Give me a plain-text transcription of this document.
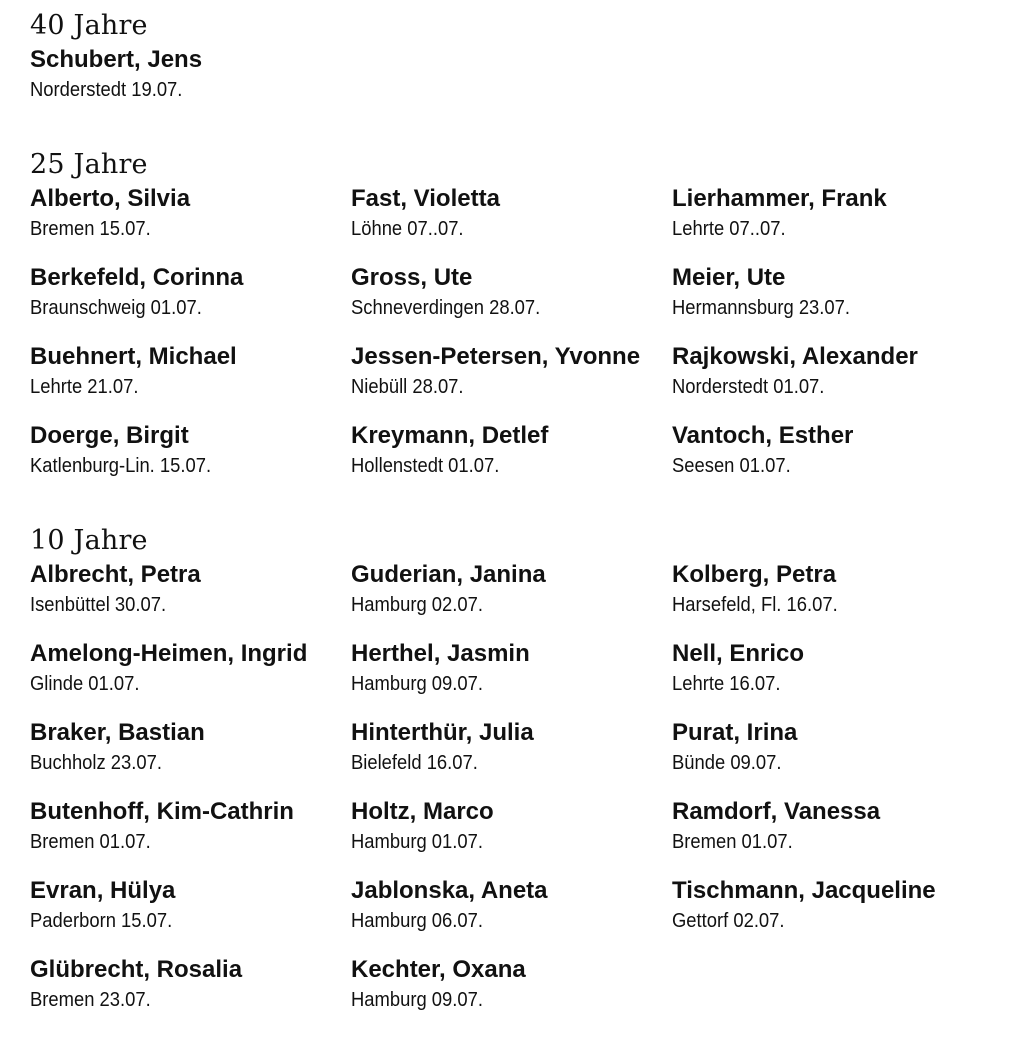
40 Jahre
Schubert, Jens
Norderstedt 19.07.
25 Jahre
Alberto, Silvia
Bremen 15.07.
Berkefeld, Corinna
Braunschweig 01.07.
Buehnert, Michael
Lehrte 21.07.
Doerge, Birgit
Katlenburg-Lin. 15.07.
Fast, Violetta
Löhne 07..07.
Gross, Ute
Schneverdingen 28.07.
Jessen-Petersen, Yvonne
Niebüll 28.07.
Kreymann, Detlef
Hollenstedt 01.07.
Lierhammer, Frank
Lehrte 07..07.
Meier, Ute
Hermannsburg 23.07.
Rajkowski, Alexander
Norderstedt 01.07.
Vantoch, Esther
Seesen 01.07.
10 Jahre
Albrecht, Petra
Isenbüttel 30.07.
Amelong-Heimen, Ingrid
Glinde 01.07.
Braker, Bastian
Buchholz 23.07.
Butenhoff, Kim-Cathrin
Bremen 01.07.
Evran, Hülya
Paderborn 15.07.
Glübrecht, Rosalia
Bremen 23.07.
Guderian, Janina
Hamburg 02.07.
Herthel, Jasmin
Hamburg 09.07.
Hinterthür, Julia
Bielefeld 16.07.
Holtz, Marco
Hamburg 01.07.
Jablonska, Aneta
Hamburg 06.07.
Kechter, Oxana
Hamburg 09.07.
Kolberg, Petra
Harsefeld, Fl. 16.07.
Nell, Enrico
Lehrte 16.07.
Purat, Irina
Bünde 09.07.
Ramdorf, Vanessa
Bremen 01.07.
Tischmann, Jacqueline
Gettorf 02.07.
